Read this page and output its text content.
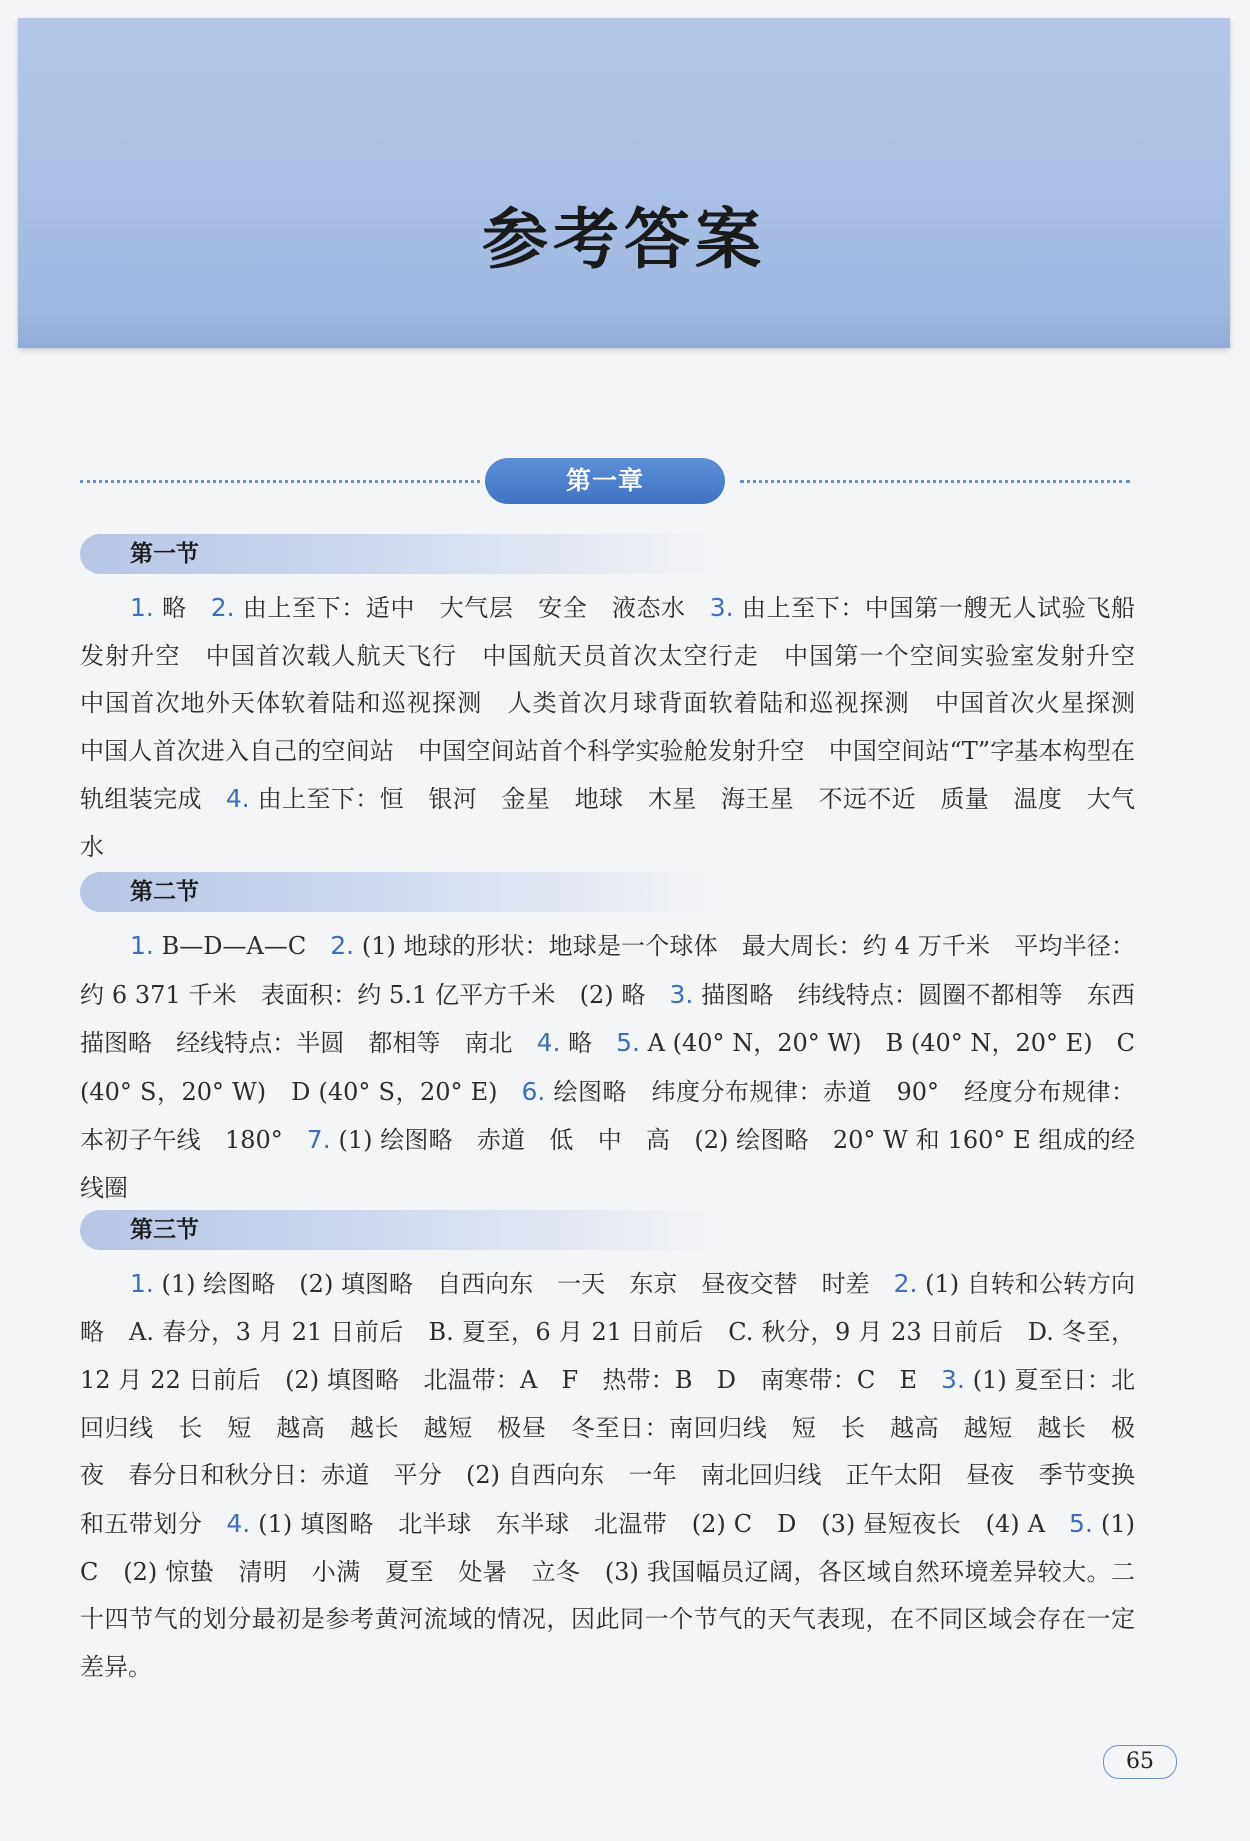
参考答案
第一章
第一节

1. 略 2. 由上至下：适中　大气层　安全　液态水 3. 由上至下：中国第一艘无人试验飞船发射升空　中国首次载人航天飞行　中国航天员首次太空行走　中国第一个空间实验室发射升空　中国首次地外天体软着陆和巡视探测　人类首次月球背面软着陆和巡视探测　中国首次火星探测　中国人首次进入自己的空间站　中国空间站首个科学实验舱发射升空　中国空间站“T”字基本构型在轨组装完成 4. 由上至下：恒　银河　金星　地球　木星　海王星　不远不近　质量　温度　大气　水

第二节

1. B—D—A—C 2. (1) 地球的形状：地球是一个球体　最大周长：约 4 万千米　平均半径：约 6 371 千米　表面积：约 5.1 亿平方千米　(2) 略 3. 描图略　纬线特点：圆圈不都相等　东西　描图略　经线特点：半圆　都相等　南北 4. 略 5. A (40° N，20° W)　B (40° N，20° E)　C (40° S，20° W)　D (40° S，20° E) 6. 绘图略　纬度分布规律：赤道　90°　经度分布规律：本初子午线　180° 7. (1) 绘图略　赤道　低　中　高　(2) 绘图略　20° W 和 160° E 组成的经线圈

第三节

1. (1) 绘图略　(2) 填图略　自西向东　一天　东京　昼夜交替　时差 2. (1) 自转和公转方向略　A. 春分，3 月 21 日前后　B. 夏至，6 月 21 日前后　C. 秋分，9 月 23 日前后　D. 冬至，12 月 22 日前后　(2) 填图略　北温带：A　F　热带：B　D　南寒带：C　E 3. (1) 夏至日：北回归线　长　短　越高　越长　越短　极昼　冬至日：南回归线　短　长　越高　越短　越长　极夜　春分日和秋分日：赤道　平分　(2) 自西向东　一年　南北回归线　正午太阳　昼夜　季节变换和五带划分 4. (1) 填图略　北半球　东半球　北温带　(2) C　D　(3) 昼短夜长　(4) A 5. (1) C　(2) 惊蛰　清明　小满　夏至　处暑　立冬　(3) 我国幅员辽阔，各区域自然环境差异较大。二十四节气的划分最初是参考黄河流域的情况，因此同一个节气的天气表现，在不同区域会存在一定差异。

65
